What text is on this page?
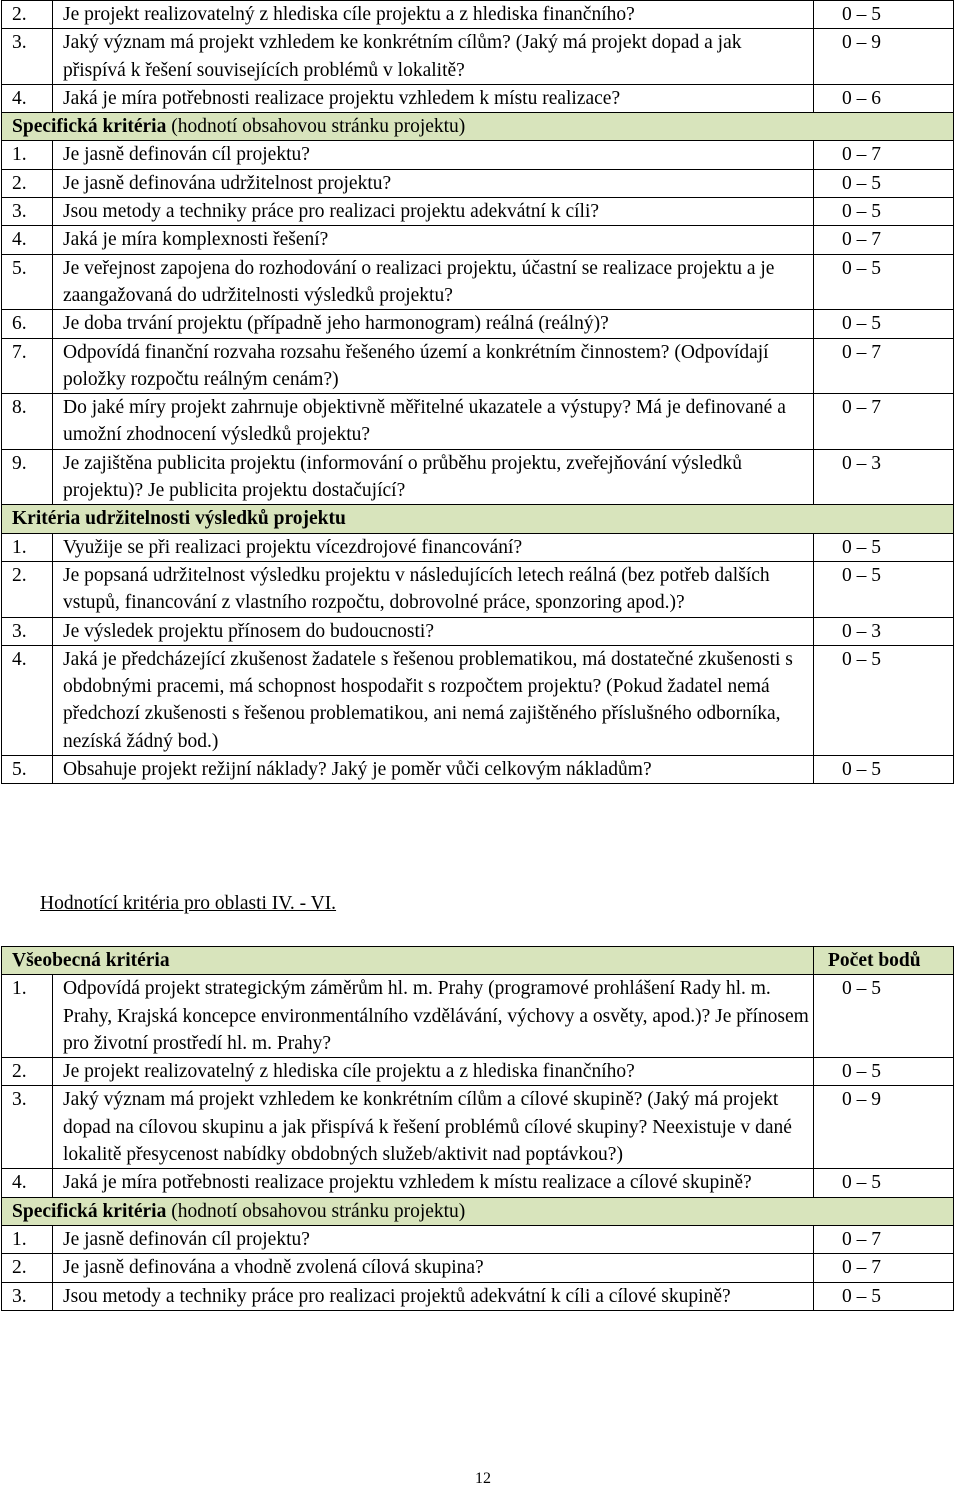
2.	Je projekt realizovatelný z hlediska cíle projektu a z hlediska finančního?	0 – 5
3.	Jaký význam má projekt vzhledem ke konkrétním cílům? (Jaký má projekt dopad a jak přispívá k řešení souvisejících problémů v lokalitě?	0 – 9
4.	Jaká je míra potřebnosti realizace projektu vzhledem k místu realizace?	0 – 6
Specifická kritéria (hodnotí obsahovou stránku projektu)		
1.	Je jasně definován cíl projektu?	0 – 7
2.	Je jasně definována udržitelnost projektu?	0 – 5
3.	Jsou metody a techniky práce pro realizaci projektu adekvátní k cíli?	0 – 5
4.	Jaká je míra komplexnosti řešení?	0 – 7
5.	Je veřejnost zapojena do rozhodování o realizaci projektu, účastní se realizace projektu a je zaangažovaná do udržitelnosti výsledků projektu?	0 – 5
6.	Je doba trvání projektu (případně jeho harmonogram) reálná (reálný)?	0 – 5
7.	Odpovídá finanční rozvaha rozsahu řešeného území a konkrétním činnostem? (Odpovídají položky rozpočtu reálným cenám?)	0 – 7
8.	Do jaké míry projekt zahrnuje objektivně měřitelné ukazatele a výstupy? Má je definované a umožní zhodnocení výsledků projektu?	0 – 7
9.	Je zajištěna publicita projektu (informování o průběhu projektu, zveřejňování výsledků projektu)? Je publicita projektu dostačující?	0 – 3
Kritéria udržitelnosti výsledků projektu		
1.	Využije se při realizaci projektu vícezdrojové financování?	0 – 5
2.	Je popsaná udržitelnost výsledku projektu v následujících letech reálná (bez potřeb dalších vstupů, financování z vlastního rozpočtu, dobrovolné práce, sponzoring apod.)?	0 – 5
3.	Je výsledek projektu přínosem do budoucnosti?	0 – 3
4.	Jaká je předcházející zkušenost žadatele s řešenou problematikou, má dostatečné zkušenosti s obdobnými pracemi, má schopnost hospodařit s rozpočtem projektu? (Pokud žadatel nemá předchozí zkušenosti s řešenou problematikou, ani nemá zajištěného příslušného odborníka, nezíská žádný bod.)	0 – 5
5.	Obsahuje projekt režijní náklady? Jaký je poměr vůči celkovým nákladům?	0 – 5
Hodnotící kritéria pro oblasti IV. - VI.
Všeobecná kritéria		Počet bodů
1.	Odpovídá projekt strategickým záměrům hl. m. Prahy (programové prohlášení Rady hl. m. Prahy, Krajská koncepce environmentálního vzdělávání, výchovy a osvěty, apod.)? Je přínosem pro životní prostředí hl. m. Prahy?	0 – 5
2.	Je projekt realizovatelný z hlediska cíle projektu a z hlediska finančního?	0 – 5
3.	Jaký význam má projekt vzhledem ke konkrétním cílům a cílové skupině? (Jaký má projekt dopad na cílovou skupinu a jak přispívá k řešení problémů cílové skupiny? Neexistuje v dané lokalitě přesycenost nabídky obdobných služeb/aktivit nad poptávkou?)	0 – 9
4.	Jaká je míra potřebnosti realizace projektu vzhledem k místu realizace a cílové skupině?	0 – 5
Specifická kritéria (hodnotí obsahovou stránku projektu)		
1.	Je jasně definován cíl projektu?	0 – 7
2.	Je jasně definována a vhodně zvolená cílová skupina?	0 – 7
3.	Jsou metody a techniky práce pro realizaci projektů adekvátní k cíli a cílové skupině?	0 – 5
12
